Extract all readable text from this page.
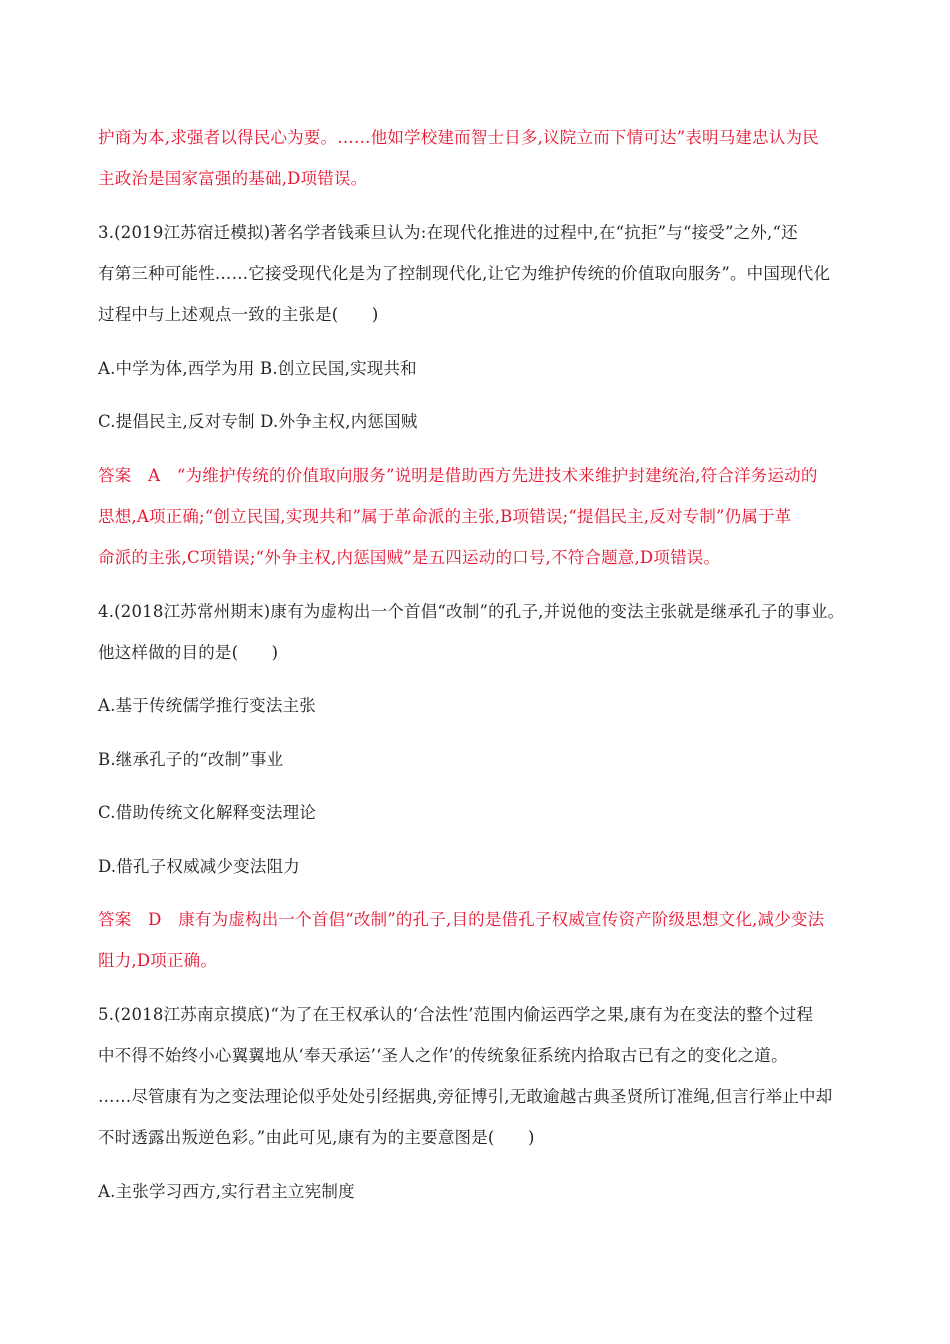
护商为本,求强者以得民心为要。……他如学校建而智士日多,议院立而下情可达”表明马建忠认为民
主政治是国家富强的基础,D项错误。
3.(2019江苏宿迁模拟)著名学者钱乘旦认为:在现代化推进的过程中,在“抗拒”与“接受”之外,“还
有第三种可能性……它接受现代化是为了控制现代化,让它为维护传统的价值取向服务”。中国现代化
过程中与上述观点一致的主张是(　　)
A.中学为体,西学为用 B.创立民国,实现共和
C.提倡民主,反对专制 D.外争主权,内惩国贼
答案　A　“为维护传统的价值取向服务”说明是借助西方先进技术来维护封建统治,符合洋务运动的
思想,A项正确;“创立民国,实现共和”属于革命派的主张,B项错误;“提倡民主,反对专制”仍属于革
命派的主张,C项错误;“外争主权,内惩国贼”是五四运动的口号,不符合题意,D项错误。
4.(2018江苏常州期末)康有为虚构出一个首倡“改制”的孔子,并说他的变法主张就是继承孔子的事业。
他这样做的目的是(　　)
A.基于传统儒学推行变法主张
B.继承孔子的“改制”事业
C.借助传统文化解释变法理论
D.借孔子权威减少变法阻力
答案　D　康有为虚构出一个首倡“改制”的孔子,目的是借孔子权威宣传资产阶级思想文化,减少变法
阻力,D项正确。
5.(2018江苏南京摸底)“为了在王权承认的‘合法性’范围内偷运西学之果,康有为在变法的整个过程
中不得不始终小心翼翼地从‘奉天承运’‘圣人之作’的传统象征系统内拾取古已有之的变化之道。
……尽管康有为之变法理论似乎处处引经据典,旁征博引,无敢逾越古典圣贤所订准绳,但言行举止中却
不时透露出叛逆色彩。”由此可见,康有为的主要意图是(　　)
A.主张学习西方,实行君主立宪制度
